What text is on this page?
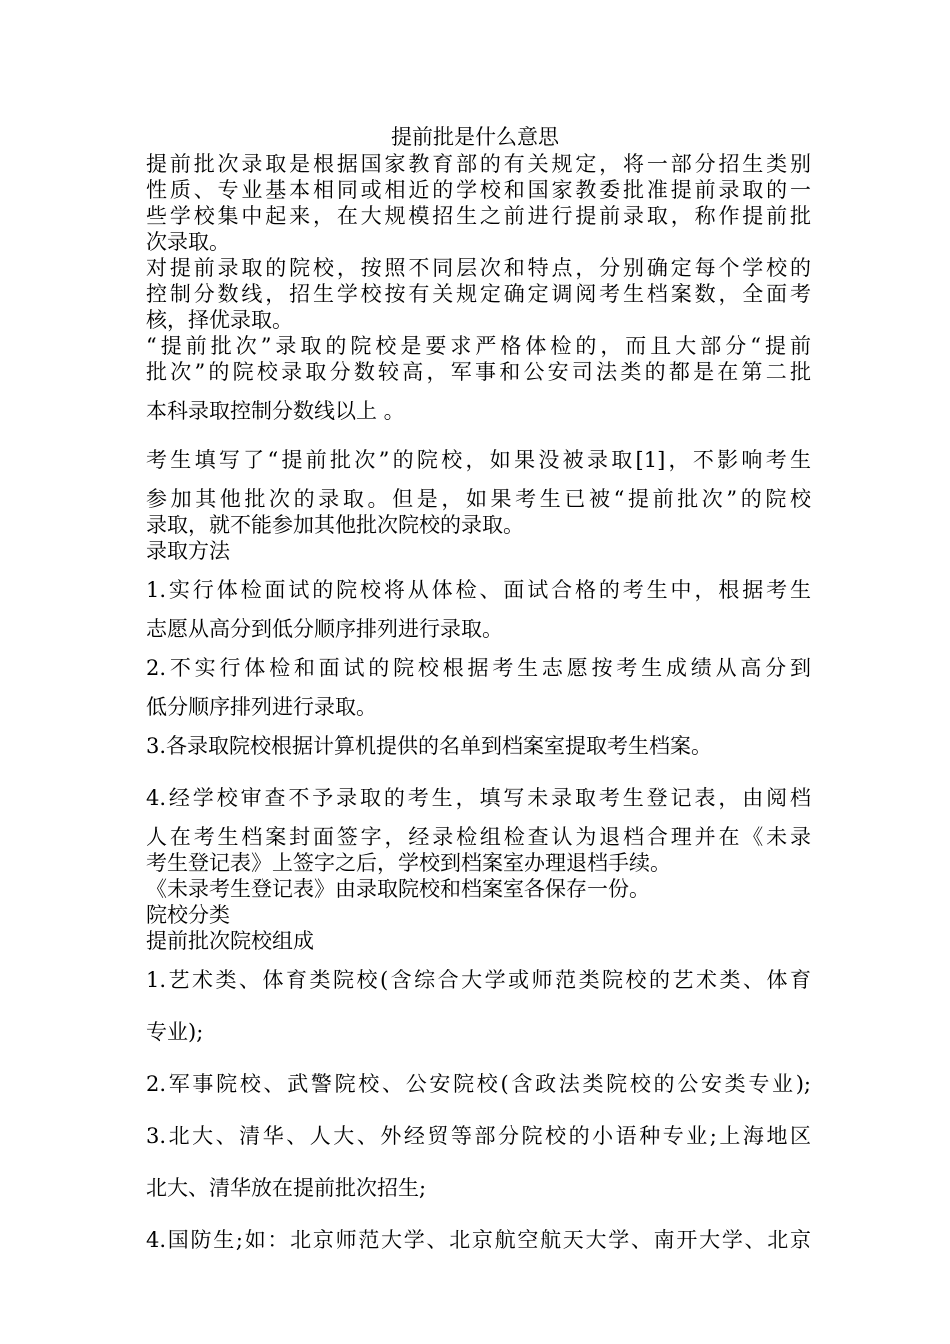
提前批是什么意思
提前批次录取是根据国家教育部的有关规定，将一部分招生类别
性质、专业基本相同或相近的学校和国家教委批准提前录取的一
些学校集中起来，在大规模招生之前进行提前录取，称作提前批
次录取。
对提前录取的院校，按照不同层次和特点，分别确定每个学校的
控制分数线，招生学校按有关规定确定调阅考生档案数，全面考
核，择优录取。
“提前批次”录取的院校是要求严格体检的，而且大部分“提前
批次”的院校录取分数较高，军事和公安司法类的都是在第二批
本科录取控制分数线以上 。
考生填写了“提前批次”的院校，如果没被录取[1]，不影响考生
参加其他批次的录取。但是，如果考生已被“提前批次”的院校
录取，就不能参加其他批次院校的录取。
录取方法
1.实行体检面试的院校将从体检、面试合格的考生中，根据考生
志愿从高分到低分顺序排列进行录取。
2.不实行体检和面试的院校根据考生志愿按考生成绩从高分到
低分顺序排列进行录取。
3.各录取院校根据计算机提供的名单到档案室提取考生档案。
4.经学校审查不予录取的考生，填写未录取考生登记表，由阅档
人在考生档案封面签字，经录检组检查认为退档合理并在《未录
考生登记表》上签字之后，学校到档案室办理退档手续。
《未录考生登记表》由录取院校和档案室各保存一份。
院校分类
提前批次院校组成
1.艺术类、体育类院校(含综合大学或师范类院校的艺术类、体育
专业);
2.军事院校、武警院校、公安院校(含政法类院校的公安类专业);
3.北大、清华、人大、外经贸等部分院校的小语种专业;上海地区
北大、清华放在提前批次招生;
4.国防生;如：北京师范大学、北京航空航天大学、南开大学、北京
